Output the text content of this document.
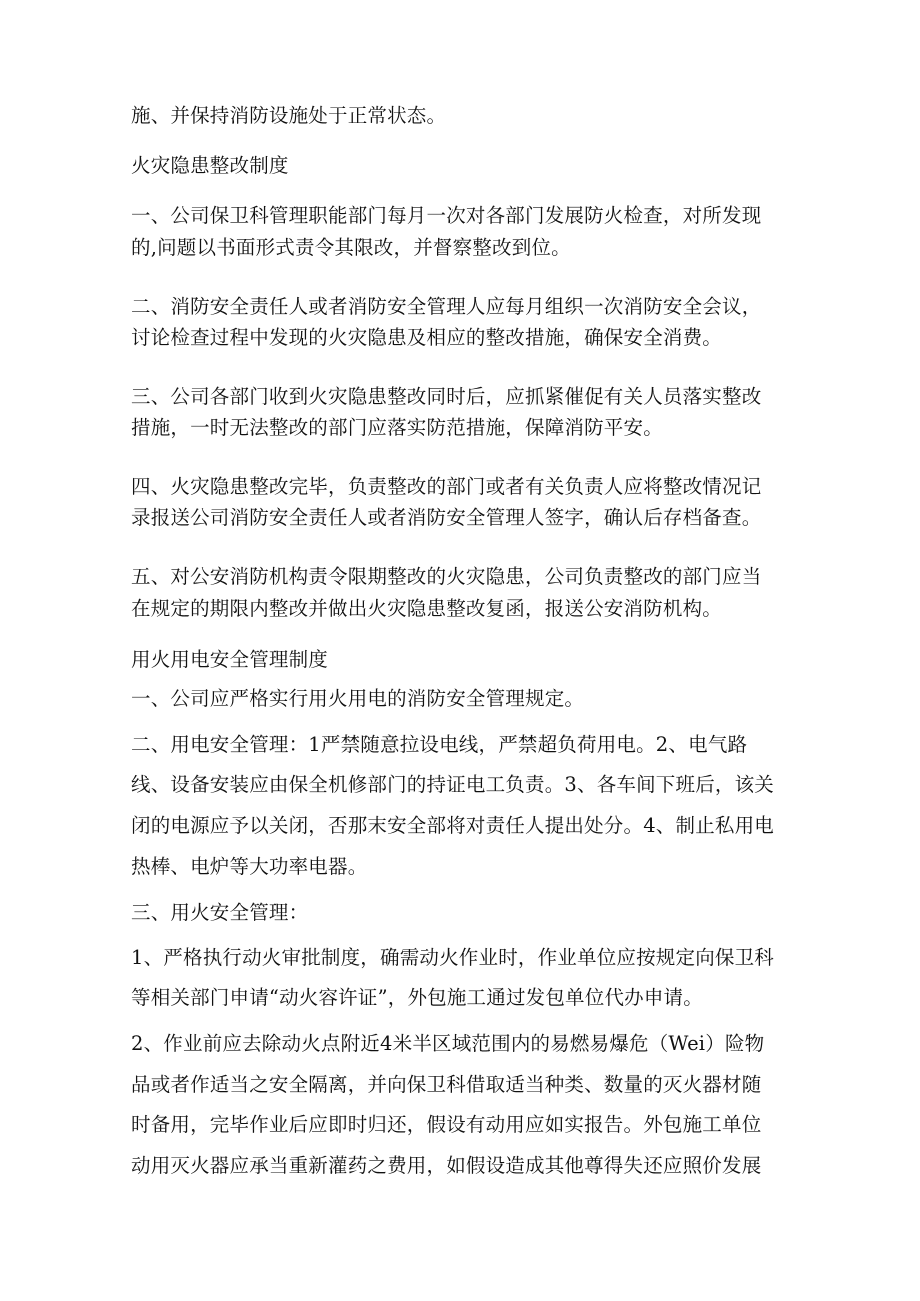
施、并保持消防设施处于正常状态。
火灾隐患整改制度
一、公司保卫科管理职能部门每月一次对各部门发展防火检查，对所发现
的,问题以书面形式责令其限改，并督察整改到位。
二、消防安全责任人或者消防安全管理人应每月组织一次消防安全会议，
讨论检查过程中发现的火灾隐患及相应的整改措施，确保安全消费。
三、公司各部门收到火灾隐患整改同时后，应抓紧催促有关人员落实整改
措施，一时无法整改的部门应落实防范措施，保障消防平安。
四、火灾隐患整改完毕，负责整改的部门或者有关负责人应将整改情况记
录报送公司消防安全责任人或者消防安全管理人签字，确认后存档备查。
五、对公安消防机构责令限期整改的火灾隐患，公司负责整改的部门应当
在规定的期限内整改并做出火灾隐患整改复函，报送公安消防机构。
用火用电安全管理制度
一、公司应严格实行用火用电的消防安全管理规定。
二、用电安全管理：1严禁随意拉设电线，严禁超负荷用电。2、电气路
线、设备安装应由保全机修部门的持证电工负责。3、各车间下班后，该关
闭的电源应予以关闭，否那末安全部将对责任人提出处分。4、制止私用电
热棒、电炉等大功率电器。
三、用火安全管理：
1、严格执行动火审批制度，确需动火作业时，作业单位应按规定向保卫科
等相关部门申请“动火容许证”，外包施工通过发包单位代办申请。
2、作业前应去除动火点附近4米半区域范围内的易燃易爆危（Wei）险物
品或者作适当之安全隔离，并向保卫科借取适当种类、数量的灭火器材随
时备用，完毕作业后应即时归还，假设有动用应如实报告。外包施工单位
动用灭火器应承当重新灌药之费用，如假设造成其他尊得失还应照价发展
